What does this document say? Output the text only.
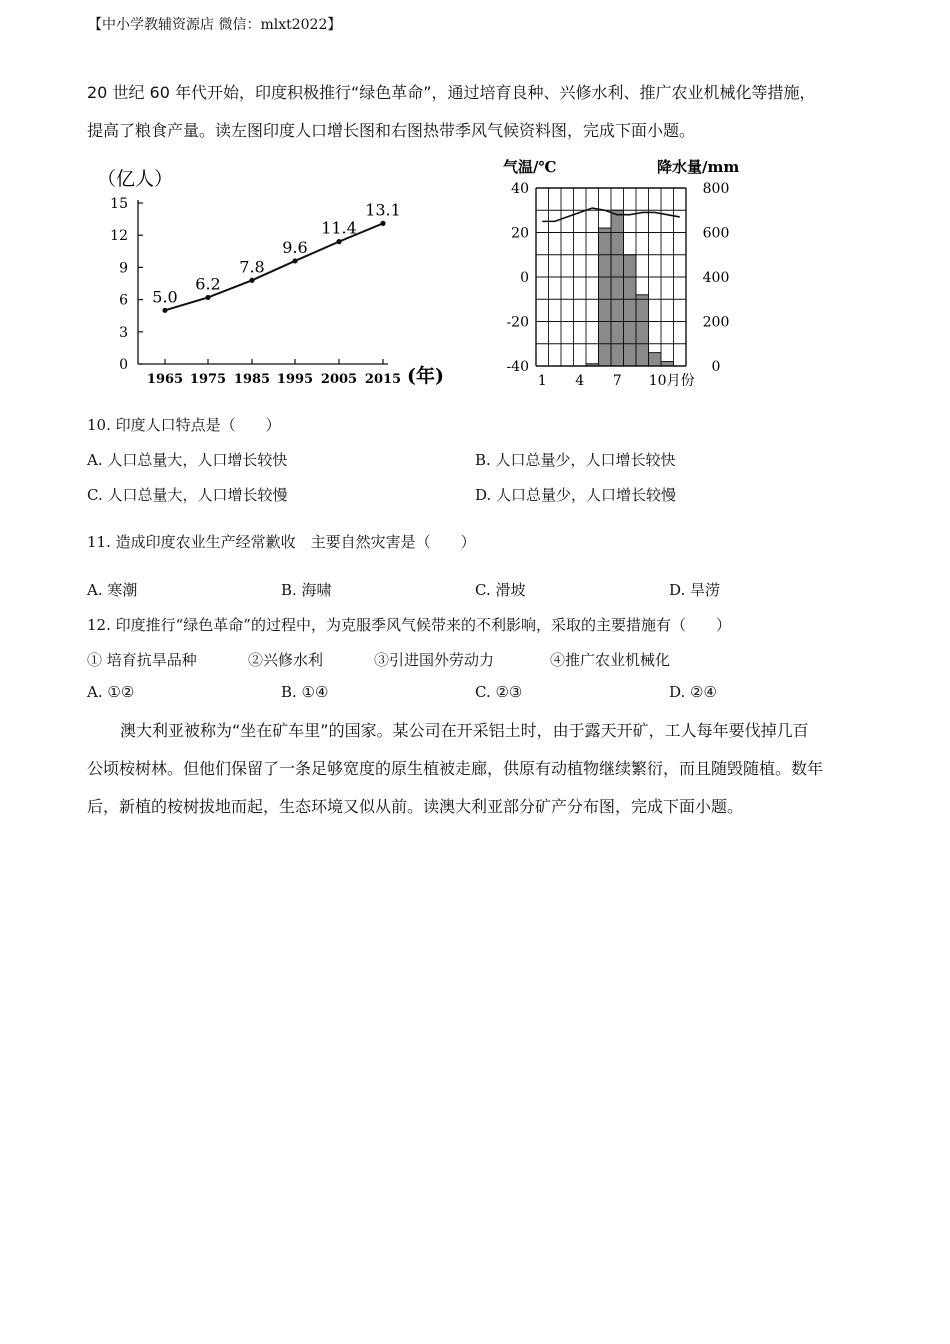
【中小学教辅资源店 微信：mlxt2022】
20 世纪 60 年代开始，印度积极推行“绿色革命”，通过培育良种、兴修水利、推广农业机械化等措施，
提高了粮食产量。读左图印度人口增长图和右图热带季风气候资料图，完成下面小题。
（亿人）
15
12
9
6
3
0
1965 1975 1985 1995 2005 2015
5.0
6.2
7.8
9.6
11.4
13.1
(年)
气温/℃	降水量/mm
40
20
0
-20
-40
800
600
400
200
0
1 4 7 10月份
10. 印度人口特点是（　　）
A. 人口总量大，人口增长较快	B. 人口总量少，人口增长较快
C. 人口总量大，人口增长较慢	D. 人口总量少，人口增长较慢
11. 造成印度农业生产经常歉收　主要自然灾害是（　　）
A. 寒潮	B. 海啸	C. 滑坡	D. 旱涝
12. 印度推行“绿色革命”的过程中，为克服季风气候带来的不利影响，采取的主要措施有（　　）
① 培育抗旱品种	②兴修水利	③引进国外劳动力	④推广农业机械化
A. ①②	B. ①④	C. ②③	D. ②④
澳大利亚被称为“坐在矿车里”的国家。某公司在开采铝土时，由于露天开矿，工人每年要伐掉几百
公顷桉树林。但他们保留了一条足够宽度的原生植被走廊，供原有动植物继续繁衍，而且随毁随植。数年
后，新植的桉树拔地而起，生态环境又似从前。读澳大利亚部分矿产分布图，完成下面小题。
